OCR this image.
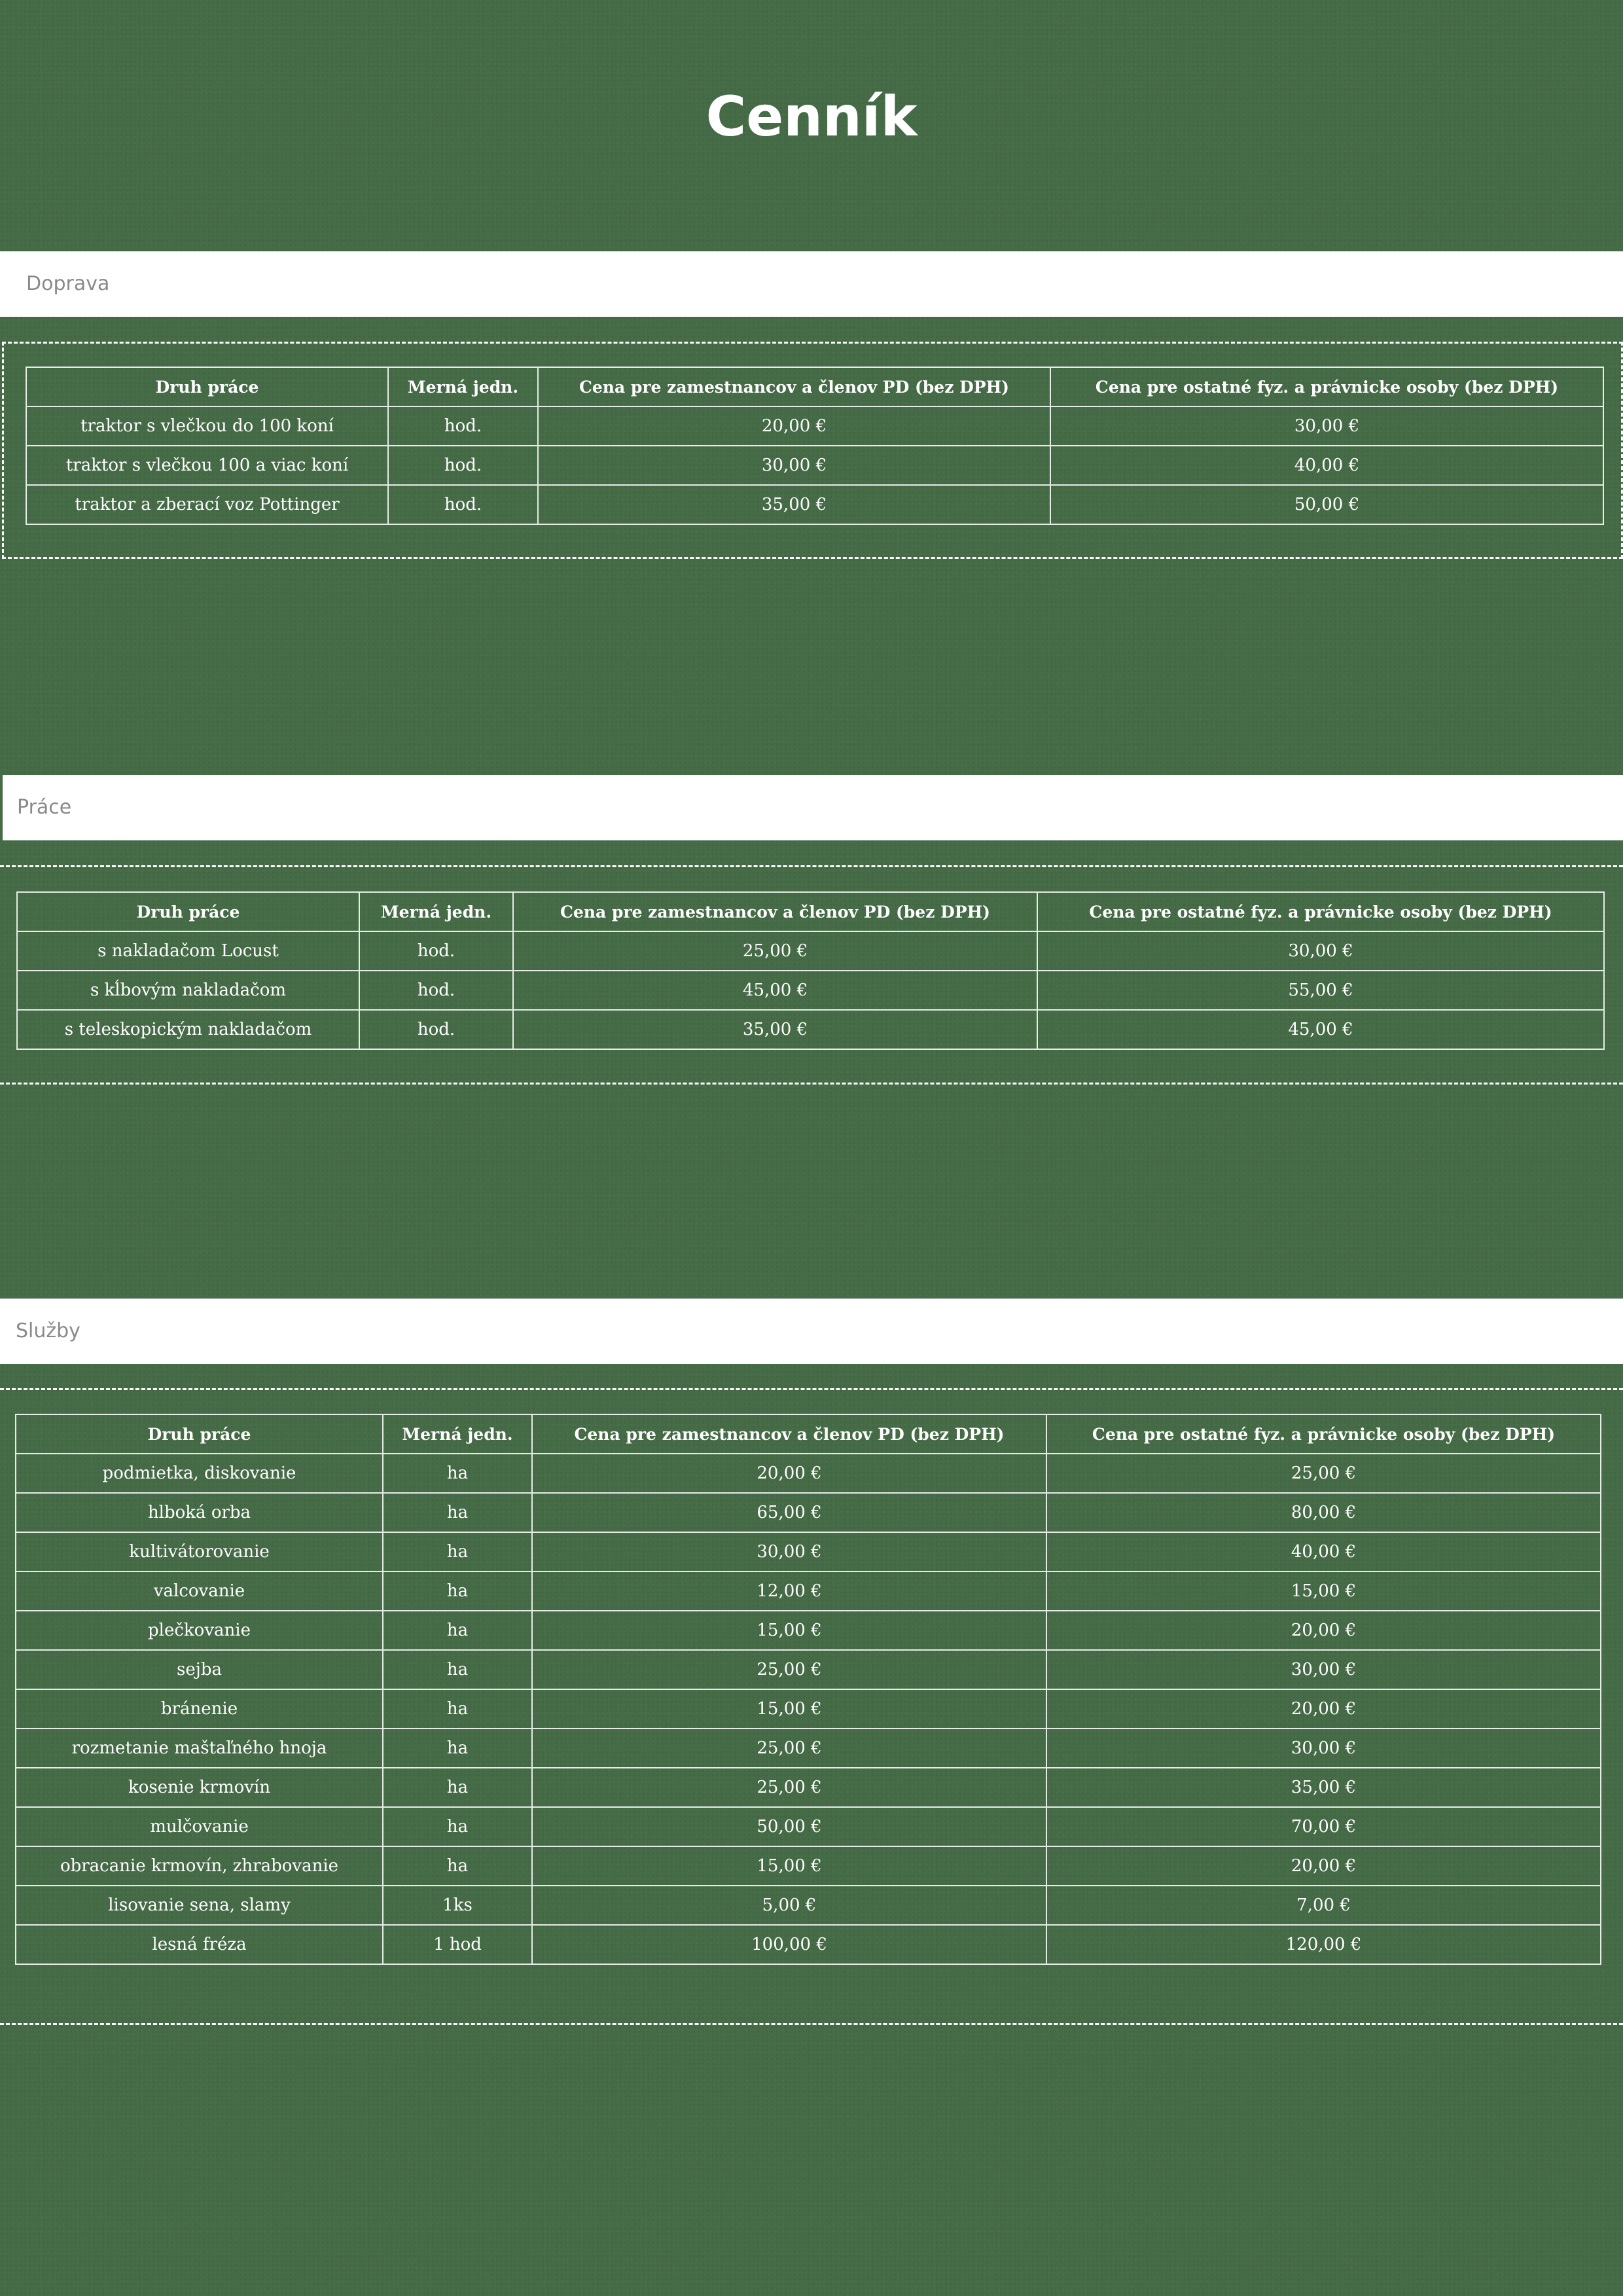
Cenník
Doprava
Druh práce	Merná jedn.	Cena pre zamestnancov a členov PD (bez DPH)	Cena pre ostatné fyz. a právnicke osoby (bez DPH)
traktor s vlečkou do 100 koní	hod.	20,00 €	30,00 €
traktor s vlečkou 100 a viac koní	hod.	30,00 €	40,00 €
traktor a zberací voz Pottinger	hod.	35,00 €	50,00 €
Práce
Druh práce	Merná jedn.	Cena pre zamestnancov a členov PD (bez DPH)	Cena pre ostatné fyz. a právnicke osoby (bez DPH)
s nakladačom Locust	hod.	25,00 €	30,00 €
s kĺbovým nakladačom	hod.	45,00 €	55,00 €
s teleskopickým nakladačom	hod.	35,00 €	45,00 €
Služby
Druh práce	Merná jedn.	Cena pre zamestnancov a členov PD (bez DPH)	Cena pre ostatné fyz. a právnicke osoby (bez DPH)
podmietka, diskovanie	ha	20,00 €	25,00 €
hlboká orba	ha	65,00 €	80,00 €
kultivátorovanie	ha	30,00 €	40,00 €
valcovanie	ha	12,00 €	15,00 €
plečkovanie	ha	15,00 €	20,00 €
sejba	ha	25,00 €	30,00 €
bránenie	ha	15,00 €	20,00 €
rozmetanie maštaľného hnoja	ha	25,00 €	30,00 €
kosenie krmovín	ha	25,00 €	35,00 €
mulčovanie	ha	50,00 €	70,00 €
obracanie krmovín, zhrabovanie	ha	15,00 €	20,00 €
lisovanie sena, slamy	1ks	5,00 €	7,00 €
lesná fréza	1 hod	100,00 €	120,00 €
